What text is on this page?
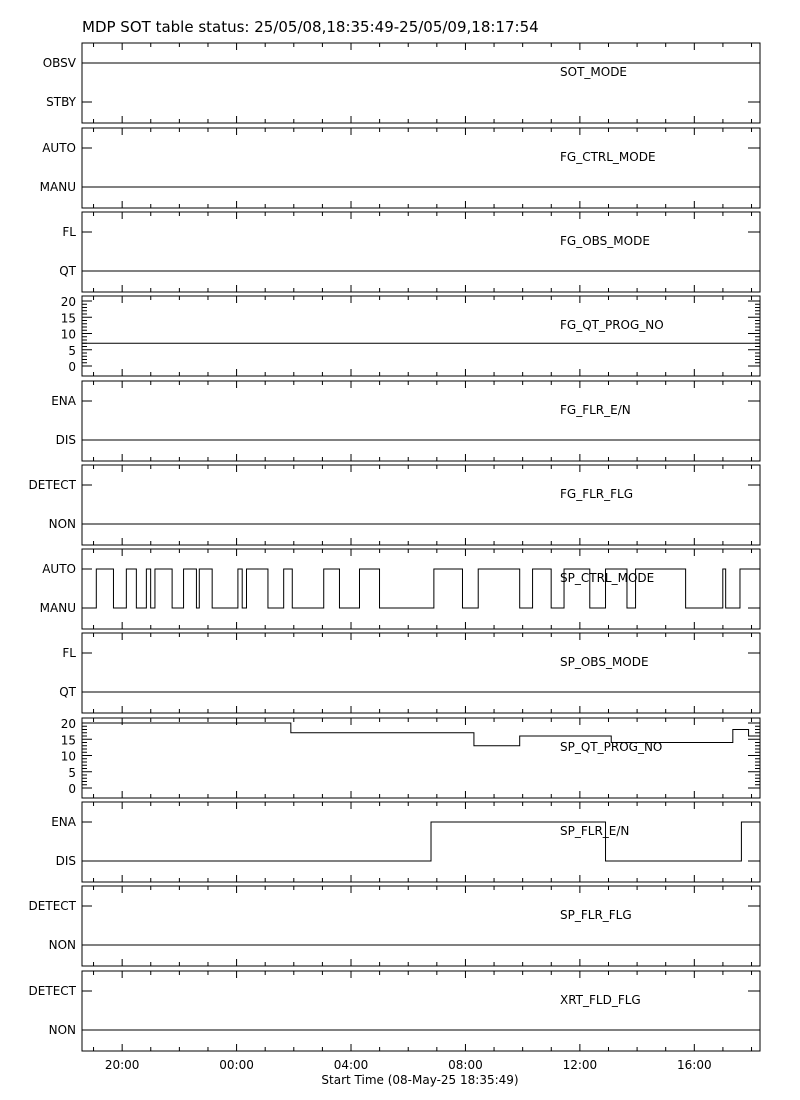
MDP SOT table status: 25/05/08,18:35:49-25/05/09,18:17:54
SOT_MODE
OBSV
STBY
FG_CTRL_MODE
AUTO
MANU
FG_OBS_MODE
FL
QT
FG_QT_PROG_NO
0
5
10
15
20
FG_FLR_E/N
ENA
DIS
FG_FLR_FLG
DETECT
NON
SP_CTRL_MODE
AUTO
MANU
SP_OBS_MODE
FL
QT
SP_QT_PROG_NO
0
5
10
15
20
SP_FLR_E/N
ENA
DIS
SP_FLR_FLG
DETECT
NON
XRT_FLD_FLG
DETECT
NON
20:00	00:00	04:00	08:00	12:00	16:00
Start Time (08-May-25 18:35:49)
